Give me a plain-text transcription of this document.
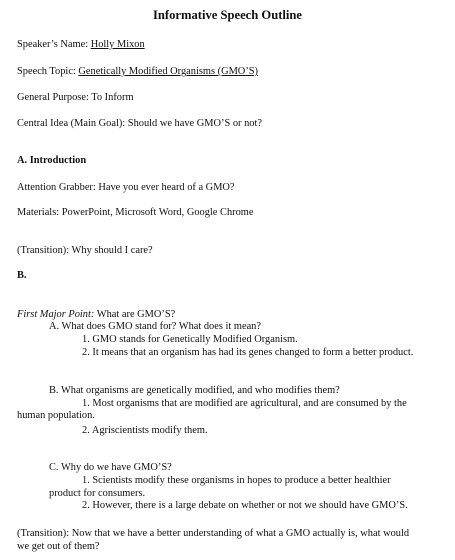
Informative Speech Outline
Speaker’s Name: Holly Mixon
Speech Topic: Genetically Modified Organisms (GMO’S)
General Purpose: To Inform
Central Idea (Main Goal): Should we have GMO’S or not?
A. Introduction
Attention Grabber: Have you ever heard of a GMO?
Materials: PowerPoint, Microsoft Word, Google Chrome
(Transition): Why should I care?
B.
First Major Point: What are GMO’S?
A. What does GMO stand for? What does it mean?
1. GMO stands for Genetically Modified Organism.
2. It means that an organism has had its genes changed to form a better product.
B. What organisms are genetically modified, and who modifies them?
1. Most organisms that are modified are agricultural, and are consumed by the
human population.
2. Agriscientists modify them.
C. Why do we have GMO’S?
1. Scientists modify these organisms in hopes to produce a better healthier
product for consumers.
2. However, there is a large debate on whether or not we should have GMO’S.
(Transition): Now that we have a better understanding of what a GMO actually is, what would
we get out of them?
